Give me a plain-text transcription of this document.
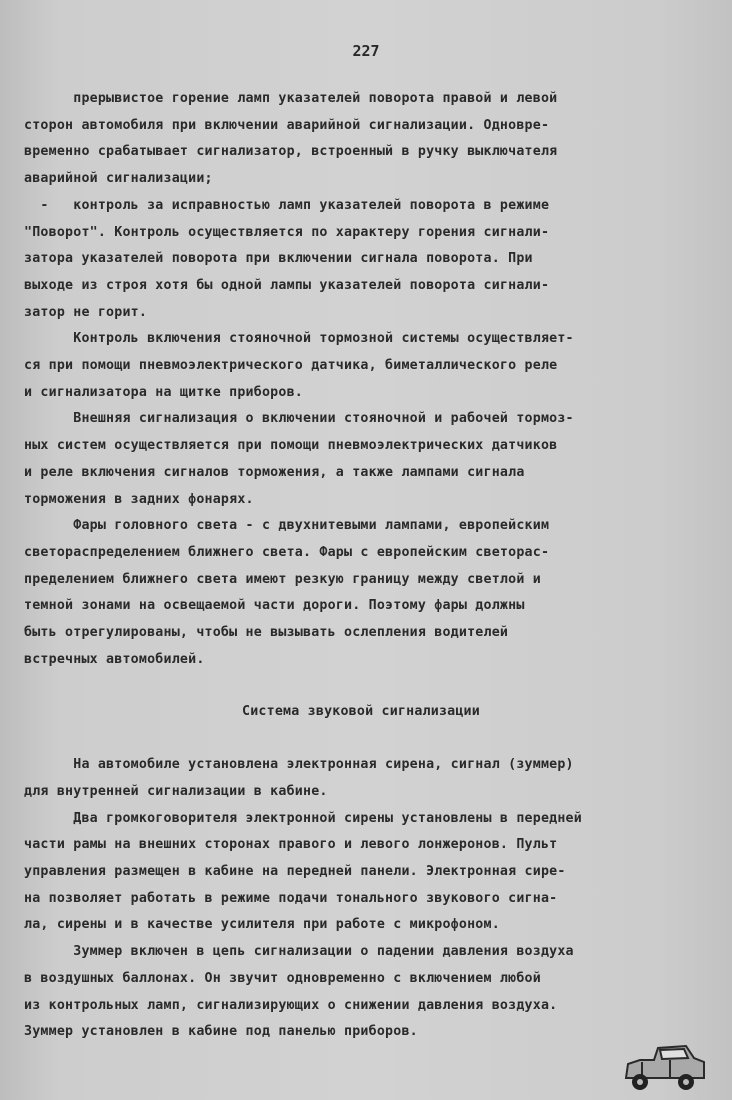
227

прерывистое горение ламп указателей поворота правой и левой

сторон автомобиля при включении аварийной сигнализации. Одновре-

временно срабатывает сигнализатор, встроенный в ручку выключателя

аварийной сигнализации;

-   контроль за исправностью ламп указателей поворота в режиме

"Поворот". Контроль осуществляется по характеру горения сигнали-

затора указателей поворота при включении сигнала поворота. При

выходе из строя хотя бы одной лампы указателей поворота сигнали-

затор не горит.

Контроль включения стояночной тормозной системы осуществляет-

ся при помощи пневмоэлектрического датчика, биметаллического реле

и сигнализатора на щитке приборов.

Внешняя сигнализация о включении стояночной и рабочей тормоз-

ных систем осуществляется при помощи пневмоэлектрических датчиков

и реле включения сигналов торможения, а также лампами сигнала

торможения в задних фонарях.

Фары головного света - с двухнитевыми лампами, европейским

светораспределением ближнего света. Фары с европейским светорас-

пределением ближнего света имеют резкую границу между светлой и

темной зонами на освещаемой части дороги. Поэтому фары должны

быть отрегулированы, чтобы не вызывать ослепления водителей

встречных автомобилей.

Система звуковой сигнализации

На автомобиле установлена электронная сирена, сигнал (зуммер)

для внутренней сигнализации в кабине.

Два громкоговорителя электронной сирены установлены в передней

части рамы на внешних сторонах правого и левого лонжеронов. Пульт

управления размещен в кабине на передней панели. Электронная сире-

на позволяет работать в режиме подачи тонального звукового сигна-

ла, сирены и в качестве усилителя при работе с микрофоном.

Зуммер включен в цепь сигнализации о падении давления воздуха

в воздушных баллонах. Он звучит одновременно с включением любой

из контрольных ламп, сигнализирующих о снижении давления воздуха.

Зуммер установлен в кабине под панелью приборов.
